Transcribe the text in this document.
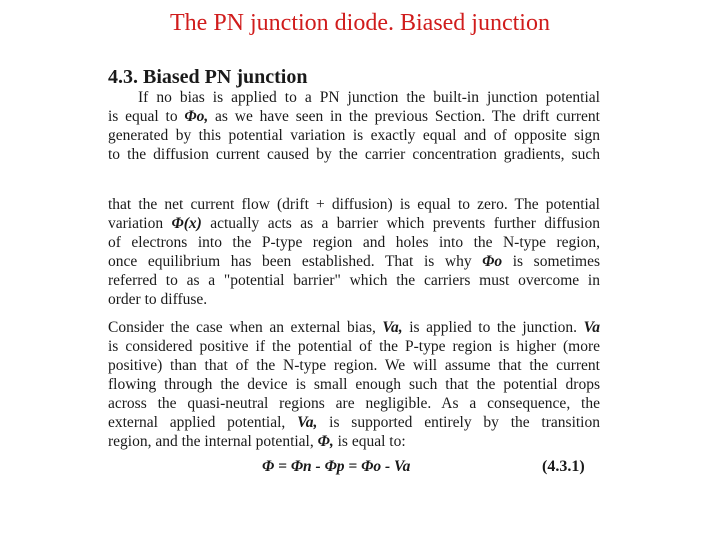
The PN junction diode. Biased junction
4.3. Biased PN junction

If no bias is applied to a PN junction the built-in junction potential
is equal to Φo, as we have seen in the previous Section. The drift current
generated by this potential variation is exactly equal and of opposite sign
to the diffusion current caused by the carrier concentration gradients, such

that the net current flow (drift + diffusion) is equal to zero. The potential
variation Φ(x) actually acts as a barrier which prevents further diffusion
of electrons into the P-type region and holes into the N-type region,
once equilibrium has been established. That is why Φo is sometimes
referred to as a "potential barrier" which the carriers must overcome in
order to diffuse.

Consider the case when an external bias, Va, is applied to the junction. Va
is considered positive if the potential of the P-type region is higher (more
positive) than that of the N-type region. We will assume that the current
flowing through the device is small enough such that the potential drops
across the quasi-neutral regions are negligible. As a consequence, the
external applied potential, Va, is supported entirely by the transition
region, and the internal potential, Φ, is equal to:

Φ = Φn - Φp = Φo - Va	(4.3.1)
